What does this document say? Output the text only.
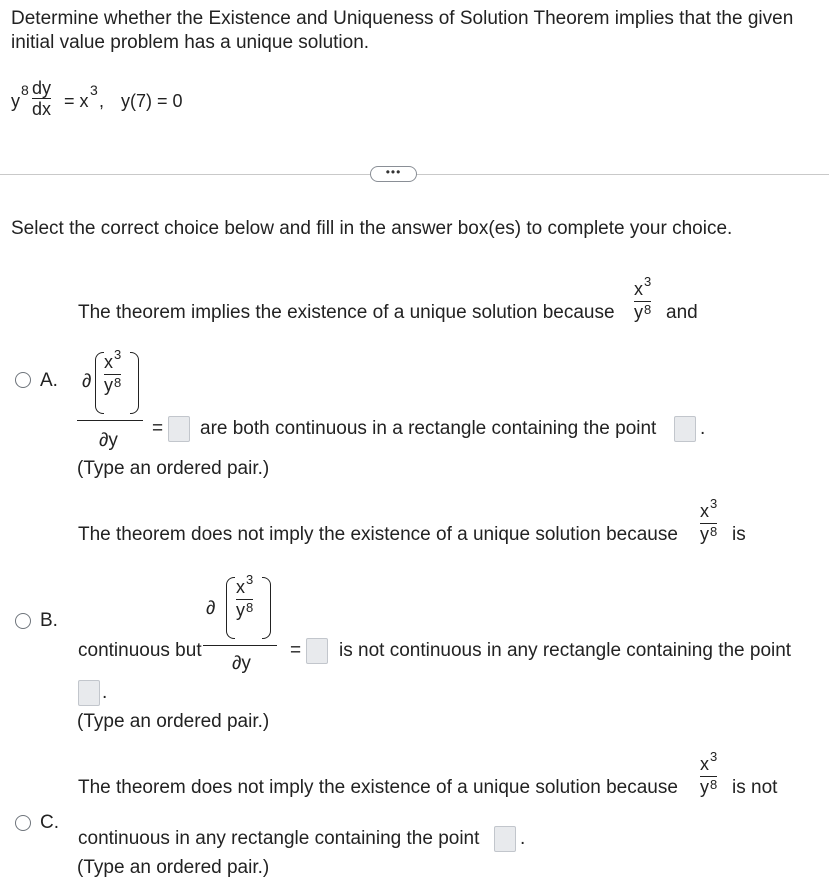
Determine whether the Existence and Uniqueness of Solution Theorem implies that the given
initial value problem has a unique solution.
y
8 dy
dx = x
3
, y(7) = 0
•••
Select the correct choice below and fill in the answer box(es) to complete your choice.
A.
The theorem implies the existence of a unique solution because
$x^3$
$y^8$ and
∂
$x^3$
$y^8$
∂y
= are both continuous in a rectangle containing the point .
(Type an ordered pair.)
B.
The theorem does not imply the existence of a unique solution because
$x^3$
$y^8$ is
continuous but
∂
$x^3$
$y^8$
∂y
= is not continuous in any rectangle containing the point
.
(Type an ordered pair.)
C.
The theorem does not imply the existence of a unique solution because
$x^3$
$y^8$ is not
continuous in any rectangle containing the point .
(Type an ordered pair.)
